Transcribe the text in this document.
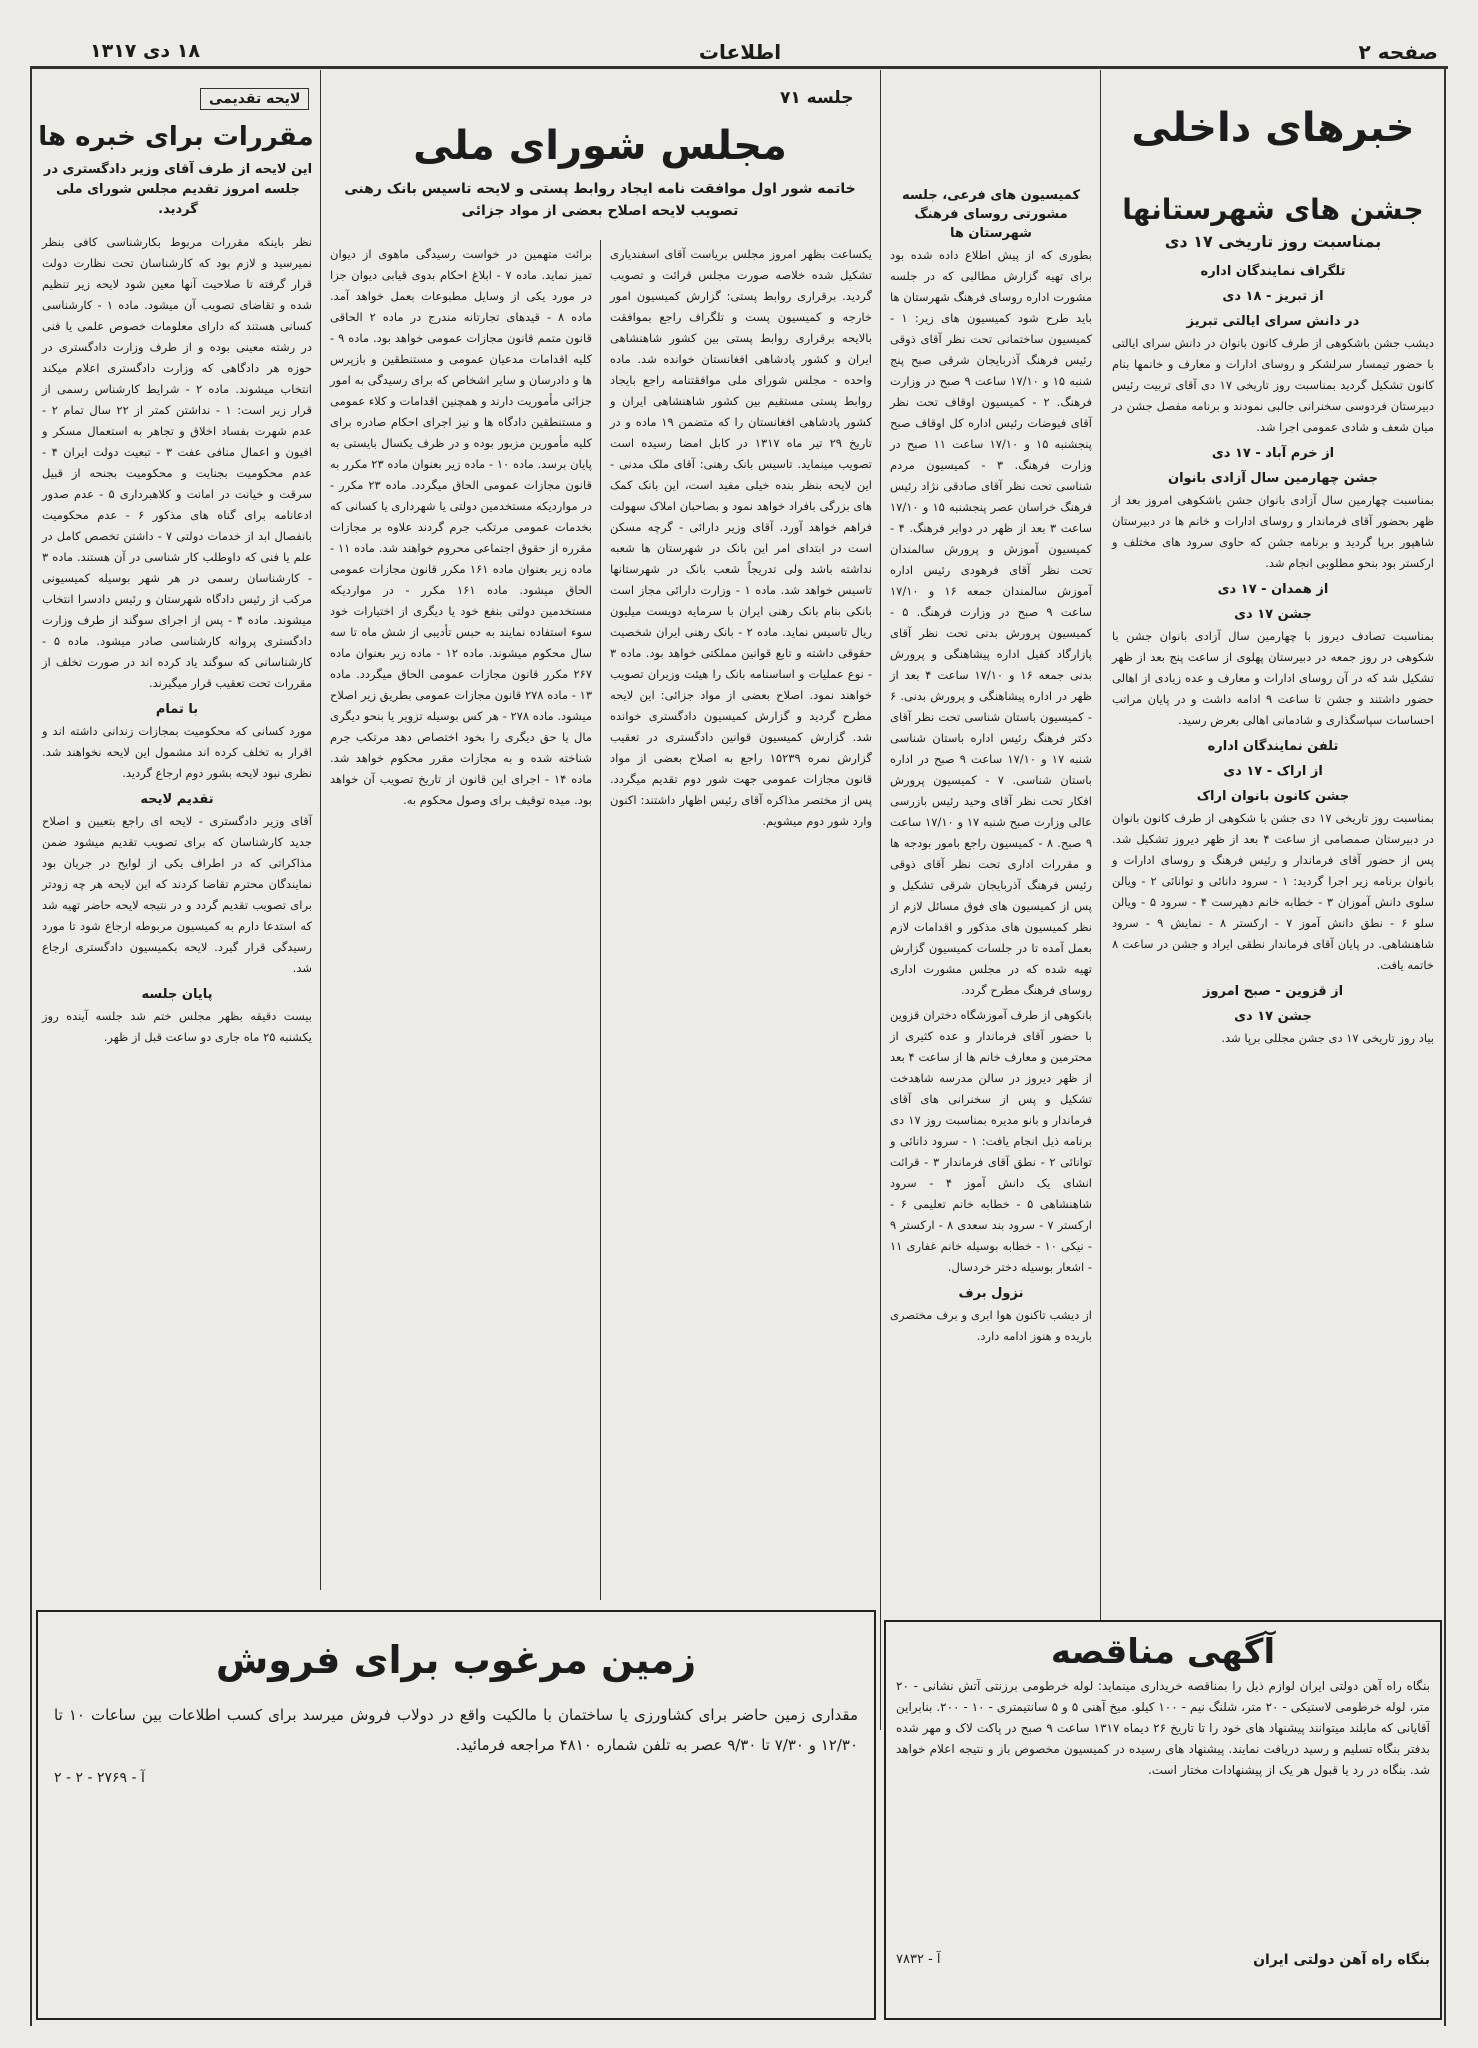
صفحه ۲
اطلاعات
۱۸ دی ۱۳۱۷
خبرهای داخلی
جشن های شهرستانها
بمناسبت روز تاریخی ۱۷ دی
تلگراف نمایندگان اداره
از تبریز - ۱۸ دی
در دانش سرای ایالتی تبریز

دیشب جشن باشکوهی از طرف کانون بانوان در دانش سرای ایالتی با حضور تیمسار سرلشکر و روسای ادارات و معارف و خانمها بنام کانون تشکیل گردید بمناسبت روز تاریخی ۱۷ دی آقای تربیت رئیس دبیرستان فردوسی سخنرانی جالبی نمودند و برنامه مفصل جشن در میان شعف و شادی عمومی اجرا شد.

از خرم آباد - ۱۷ دی
جشن چهارمین سال آزادی بانوان

بمناسبت چهارمین سال آزادی بانوان جشن باشکوهی امروز بعد از ظهر بحضور آقای فرماندار و روسای ادارات و خانم ها در دبیرستان شاهپور برپا گردید و برنامه جشن که حاوی سرود های مختلف و ارکستر بود بنحو مطلوبی انجام شد.

از همدان - ۱۷ دی
جشن ۱۷ دی

بمناسبت تصادف دیروز با چهارمین سال آزادی بانوان جشن با شکوهی در روز جمعه در دبیرستان پهلوی از ساعت پنج بعد از ظهر تشکیل شد که در آن روسای ادارات و معارف و عده زیادی از اهالی حضور داشتند و جشن تا ساعت ۹ ادامه داشت و در پایان مراتب احساسات سپاسگذاری و شادمانی اهالی بعرض رسید.

تلفن نمایندگان اداره
از اراک - ۱۷ دی
جشن کانون بانوان اراک

بمناسبت روز تاریخی ۱۷ دی جشن با شکوهی از طرف کانون بانوان در دبیرستان صمصامی از ساعت ۴ بعد از ظهر دیروز تشکیل شد. پس از حضور آقای فرماندار و رئیس فرهنگ و روسای ادارات و بانوان برنامه زیر اجرا گردید: ۱ - سرود دانائی و توانائی ۲ - ویالن سلوی دانش آموزان ۳ - خطابه خانم دهپرست ۴ - سرود ۵ - ویالن سلو ۶ - نطق دانش آموز ۷ - ارکستر ۸ - نمایش ۹ - سرود شاهنشاهی. در پایان آقای فرماندار نطقی ایراد و جشن در ساعت ۸ خاتمه یافت.

از قزوین - صبح امروز
جشن ۱۷ دی

بیاد روز تاریخی ۱۷ دی جشن مجللی برپا شد.

کمیسیون های فرعی، جلسه مشورتی روسای فرهنگ شهرستان ها

بطوری که از پیش اطلاع داده شده بود برای تهیه گزارش مطالبی که در جلسه مشورت اداره روسای فرهنگ شهرستان ها باید طرح شود کمیسیون های زیر: ۱ - کمیسیون ساختمانی تحت نظر آقای ذوقی رئیس فرهنگ آذربایجان شرقی صبح پنج شنبه ۱۵ و ۱۷/۱۰ ساعت ۹ صبح در وزارت فرهنگ. ۲ - کمیسیون اوقاف تحت نظر آقای فیوضات رئیس اداره کل اوقاف صبح پنجشنبه ۱۵ و ۱۷/۱۰ ساعت ۱۱ صبح در وزارت فرهنگ. ۳ - کمیسیون مردم شناسی تحت نظر آقای صادقی نژاد رئیس فرهنگ خراسان عصر پنجشنبه ۱۵ و ۱۷/۱۰ ساعت ۳ بعد از ظهر در دوایر فرهنگ. ۴ - کمیسیون آموزش و پرورش سالمندان تحت نظر آقای فرهودی رئیس اداره آموزش سالمندان جمعه ۱۶ و ۱۷/۱۰ ساعت ۹ صبح در وزارت فرهنگ. ۵ - کمیسیون پرورش بدنی تحت نظر آقای پازارگاد کفیل اداره پیشاهنگی و پرورش بدنی جمعه ۱۶ و ۱۷/۱۰ ساعت ۴ بعد از ظهر در اداره پیشاهنگی و پرورش بدنی. ۶ - کمیسیون باستان شناسی تحت نظر آقای دکتر فرهنگ رئیس اداره باستان شناسی شنبه ۱۷ و ۱۷/۱۰ ساعت ۹ صبح در اداره باستان شناسی. ۷ - کمیسیون پرورش افکار تحت نظر آقای وحید رئیس بازرسی عالی وزارت صبح شنبه ۱۷ و ۱۷/۱۰ ساعت ۹ صبح. ۸ - کمیسیون راجع بامور بودجه ها و مقررات اداری تحت نظر آقای ذوقی رئیس فرهنگ آذربایجان شرقی تشکیل و پس از کمیسیون های فوق مسائل لازم از نظر کمیسیون های مذکور و اقدامات لازم بعمل آمده تا در جلسات کمیسیون گزارش تهیه شده که در مجلس مشورت اداری روسای فرهنگ مطرح گردد.

بانکوهی از طرف آموزشگاه دختران قزوین با حضور آقای فرماندار و عده کثیری از محترمین و معارف خانم ها از ساعت ۴ بعد از ظهر دیروز در سالن مدرسه شاهدخت تشکیل و پس از سخنرانی های آقای فرماندار و بانو مدیره بمناسبت روز ۱۷ دی برنامه ذیل انجام یافت: ۱ - سرود دانائی و توانائی ۲ - نطق آقای فرماندار ۳ - قرائت انشای یک دانش آموز ۴ - سرود شاهنشاهی ۵ - خطابه خانم تعلیمی ۶ - ارکستر ۷ - سرود بند سعدی ۸ - ارکستر ۹ - نیکی ۱۰ - خطابه بوسیله خانم غفاری ۱۱ - اشعار بوسیله دختر خردسال.

نزول برف

از دیشب تاکنون هوا ابری و برف مختصری باریده و هنوز ادامه دارد.

جلسه ۷۱
مجلس شورای ملی
خاتمه شور اول موافقت نامه ایجاد روابط پستی و لایحه تاسیس بانک رهنی تصویب لایحه اصلاح بعضی از مواد جزائی

یکساعت بظهر امروز مجلس بریاست آقای اسفندیاری تشکیل شده خلاصه صورت مجلس قرائت و تصویب گردید. برقراری روابط پستی: گزارش کمیسیون امور خارجه و کمیسیون پست و تلگراف راجع بموافقت بالایحه برقراری روابط پستی بین کشور شاهنشاهی ایران و کشور پادشاهی افغانستان خوانده شد. ماده واحده - مجلس شورای ملی موافقتنامه راجع بایجاد روابط پستی مستقیم بین کشور شاهنشاهی ایران و کشور پادشاهی افغانستان را که متضمن ۱۹ ماده و در تاریخ ۲۹ تیر ماه ۱۳۱۷ در کابل امضا رسیده است تصویب مینماید. تاسیس بانک رهنی: آقای ملک مدنی - این لایحه بنظر بنده خیلی مفید است، این بانک کمک های بزرگی بافراد خواهد نمود و بصاحبان املاک سهولت فراهم خواهد آورد. آقای وزیر دارائی - گرچه مسکن است در ابتدای امر این بانک در شهرستان ها شعبه نداشته باشد ولی تدریجاً شعب بانک در شهرستانها تاسیس خواهد شد. ماده ۱ - وزارت دارائی مجاز است بانکی بنام بانک رهنی ایران با سرمایه دویست میلیون ریال تاسیس نماید. ماده ۲ - بانک رهنی ایران شخصیت حقوقی داشته و تابع قوانین مملکتی خواهد بود. ماده ۳ - نوع عملیات و اساسنامه بانک را هیئت وزیران تصویب خواهند نمود. اصلاح بعضی از مواد جزائی: این لایحه مطرح گردید و گزارش کمیسیون دادگستری خوانده شد. گزارش کمیسیون قوانین دادگستری در تعقیب گزارش نمره ۱۵۲۳۹ راجع به اصلاح بعضی از مواد قانون مجازات عمومی جهت شور دوم تقدیم میگردد. پس از مختصر مذاکره آقای رئیس اظهار داشتند: اکنون وارد شور دوم میشویم.

برائت متهمین در خواست رسیدگی ماهوی از دیوان تمیز نماید. ماده ۷ - ابلاغ احکام بدوی قیابی دیوان جزا در مورد یکی از وسایل مطبوعات بعمل خواهد آمد. ماده ۸ - قیدهای تجارتانه مندرج در ماده ۲ الحاقی قانون متمم قانون مجازات عمومی خواهد بود. ماده ۹ - کلیه اقدامات مدعیان عمومی و مستنطقین و بازپرس ها و دادرسان و سایر اشخاص که برای رسیدگی به امور جزائی مأموریت دارند و همچنین اقدامات و کلاء عمومی و مستنطقین دادگاه ها و نیز اجرای احکام صادره برای کلیه مأمورین مزبور بوده و در ظرف یکسال بایستی به پایان برسد. ماده ۱۰ - ماده زیر بعنوان ماده ۲۳ مکرر به قانون مجازات عمومی الحاق میگردد. ماده ۲۳ مکرر - در مواردیکه مستخدمین دولتی یا شهرداری یا کسانی که بخدمات عمومی مرتکب جرم گردند علاوه بر مجازات مقرره از حقوق اجتماعی محروم خواهند شد. ماده ۱۱ - ماده زیر بعنوان ماده ۱۶۱ مکرر قانون مجازات عمومی الحاق میشود. ماده ۱۶۱ مکرر - در مواردیکه مستخدمین دولتی بنفع خود یا دیگری از اختیارات خود سوء استفاده نمایند به حبس تأدیبی از شش ماه تا سه سال محکوم میشوند. ماده ۱۲ - ماده زیر بعنوان ماده ۲۶۷ مکرر قانون مجازات عمومی الحاق میگردد. ماده ۱۳ - ماده ۲۷۸ قانون مجازات عمومی بطریق زیر اصلاح میشود. ماده ۲۷۸ - هر کس بوسیله تزویر یا بنحو دیگری مال یا حق دیگری را بخود اختصاص دهد مرتکب جرم شناخته شده و به مجازات مقرر محکوم خواهد شد. ماده ۱۴ - اجرای این قانون از تاریخ تصویب آن خواهد بود. میده توقیف برای وصول محکوم به.

لایحه تقدیمی
مقررات برای خبره ها
این لایحه از طرف آقای وزیر دادگستری در جلسه امروز تقدیم مجلس شورای ملی گردید.

نظر باینکه مقررات مربوط بکارشناسی کافی بنظر نمیرسید و لازم بود که کارشناسان تحت نظارت دولت قرار گرفته تا صلاحیت آنها معین شود لایحه زیر تنظیم شده و تقاضای تصویب آن میشود. ماده ۱ - کارشناسی کسانی هستند که دارای معلومات خصوص علمی یا فنی در رشته معینی بوده و از طرف وزارت دادگستری در حوزه هر دادگاهی که وزارت دادگستری اعلام میکند انتخاب میشوند. ماده ۲ - شرایط کارشناس رسمی از قرار زیر است: ۱ - نداشتن کمتر از ۲۲ سال تمام ۲ - عدم شهرت بفساد اخلاق و تجاهر به استعمال مسکر و افیون و اعمال منافی عفت ۳ - تبعیت دولت ایران ۴ - عدم محکومیت بجنایت و محکومیت بجنحه از قبیل سرقت و خیانت در امانت و کلاهبرداری ۵ - عدم صدور ادعانامه برای گناه های مذکور ۶ - عدم محکومیت بانفصال ابد از خدمات دولتی ۷ - داشتن تخصص کامل در علم یا فنی که داوطلب کار شناسی در آن هستند. ماده ۳ - کارشناسان رسمی در هر شهر بوسیله کمیسیونی مرکب از رئیس دادگاه شهرستان و رئیس دادسرا انتخاب میشوند. ماده ۴ - پس از اجرای سوگند از طرف وزارت دادگستری پروانه کارشناسی صادر میشود. ماده ۵ - کارشناسانی که سوگند یاد کرده اند در صورت تخلف از مقررات تحت تعقیب قرار میگیرند.

با تمام

مورد کسانی که محکومیت بمجازات زندانی داشته اند و اقرار به تخلف کرده اند مشمول این لایحه نخواهند شد. نظری نبود لایحه بشور دوم ارجاع گردید.

تقدیم لایحه

آقای وزیر دادگستری - لایحه ای راجع بتعیین و اصلاح جدید کارشناسان که برای تصویب تقدیم میشود ضمن مذاکراتی که در اطراف یکی از لوایح در جریان بود نمایندگان محترم تقاضا کردند که این لایحه هر چه زودتر برای تصویب تقدیم گردد و در نتیجه لایحه حاضر تهیه شد که استدعا دارم به کمیسیون مربوطه ارجاع شود تا مورد رسیدگی قرار گیرد. لایحه بکمیسیون دادگستری ارجاع شد.

پایان جلسه

بیست دقیقه بظهر مجلس ختم شد جلسه آینده روز یکشنبه ۲۵ ماه جاری دو ساعت قبل از ظهر.

آگهی مناقصه
بنگاه راه آهن دولتی ایران لوازم ذیل را بمناقصه خریداری مینماید: لوله خرطومی برزنتی آتش نشانی - ۲۰ متر، لوله خرطومی لاستیکی - ۲۰ متر، شلنگ نیم - ۱۰۰ کیلو. میخ آهنی ۵ و ۵ سانتیمتری - ۱۰ - ۲۰۰. بنابراین آقایانی که مایلند میتوانند پیشنهاد های خود را تا تاریخ ۲۶ دیماه ۱۳۱۷ ساعت ۹ صبح در پاکت لاک و مهر شده بدفتر بنگاه تسلیم و رسید دریافت نمایند. پیشنهاد های رسیده در کمیسیون مخصوص باز و نتیجه اعلام خواهد شد. بنگاه در رد یا قبول هر یک از پیشنهادات مختار است.
بنگاه راه آهن دولتی ایران
آ - ۷۸۳۲
زمین مرغوب برای فروش
مقداری زمین حاضر برای کشاورزی یا ساختمان با مالکیت واقع در دولاب فروش میرسد برای کسب اطلاعات بین ساعات ۱۰ تا ۱۲/۳۰ و ۷/۳۰ تا ۹/۳۰ عصر به تلفن شماره ۴۸۱۰ مراجعه فرمائید.
آ - ۲۷۶۹ - ۲ - ۲
